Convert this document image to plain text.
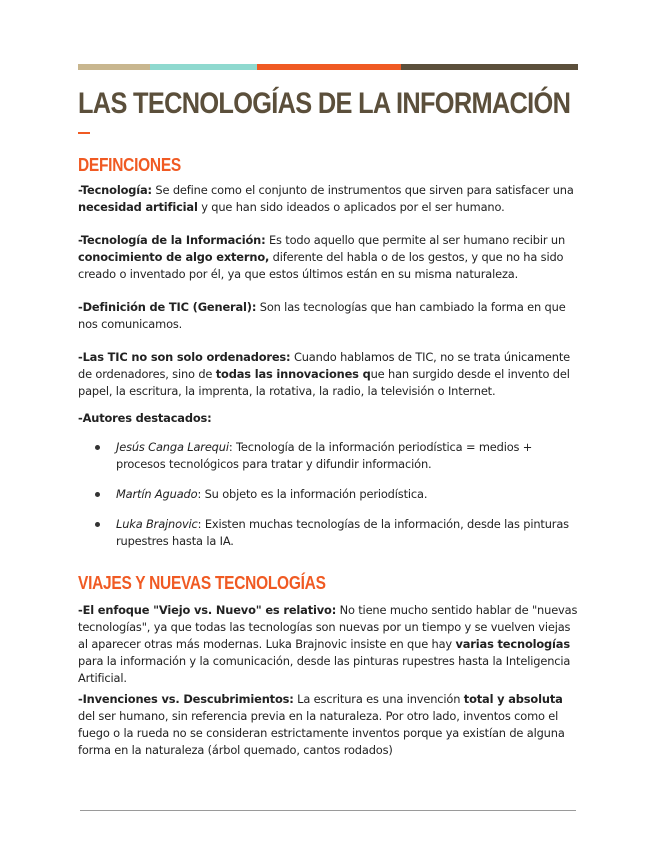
LAS TECNOLOGÍAS DE LA INFORMACIÓN
DEFINCIONES

-Tecnología: Se define como el conjunto de instrumentos que sirven para satisfacer una necesidad artificial y que han sido ideados o aplicados por el ser humano.

-Tecnología de la Información: Es todo aquello que permite al ser humano recibir un conocimiento de algo externo, diferente del habla o de los gestos, y que no ha sido creado o inventado por él, ya que estos últimos están en su misma naturaleza.

-Definición de TIC (General): Son las tecnologías que han cambiado la forma en que nos comunicamos.

-Las TIC no son solo ordenadores: Cuando hablamos de TIC, no se trata únicamente de ordenadores, sino de todas las innovaciones que han surgido desde el invento del papel, la escritura, la imprenta, la rotativa, la radio, la televisión o Internet.

-Autores destacados:

Jesús Canga Larequi: Tecnología de la información periodística = medios + procesos tecnológicos para tratar y difundir información.
Martín Aguado: Su objeto es la información periodística.
Luka Brajnovic: Existen muchas tecnologías de la información, desde las pinturas rupestres hasta la IA.
VIAJES Y NUEVAS TECNOLOGÍAS

-El enfoque "Viejo vs. Nuevo" es relativo: No tiene mucho sentido hablar de "nuevas tecnologías", ya que todas las tecnologías son nuevas por un tiempo y se vuelven viejas al aparecer otras más modernas. Luka Brajnovic insiste en que hay varias tecnologías para la información y la comunicación, desde las pinturas rupestres hasta la Inteligencia Artificial.

-Invenciones vs. Descubrimientos: La escritura es una invención total y absoluta del ser humano, sin referencia previa en la naturaleza. Por otro lado, inventos como el fuego o la rueda no se consideran estrictamente inventos porque ya existían de alguna forma en la naturaleza (árbol quemado, cantos rodados)
